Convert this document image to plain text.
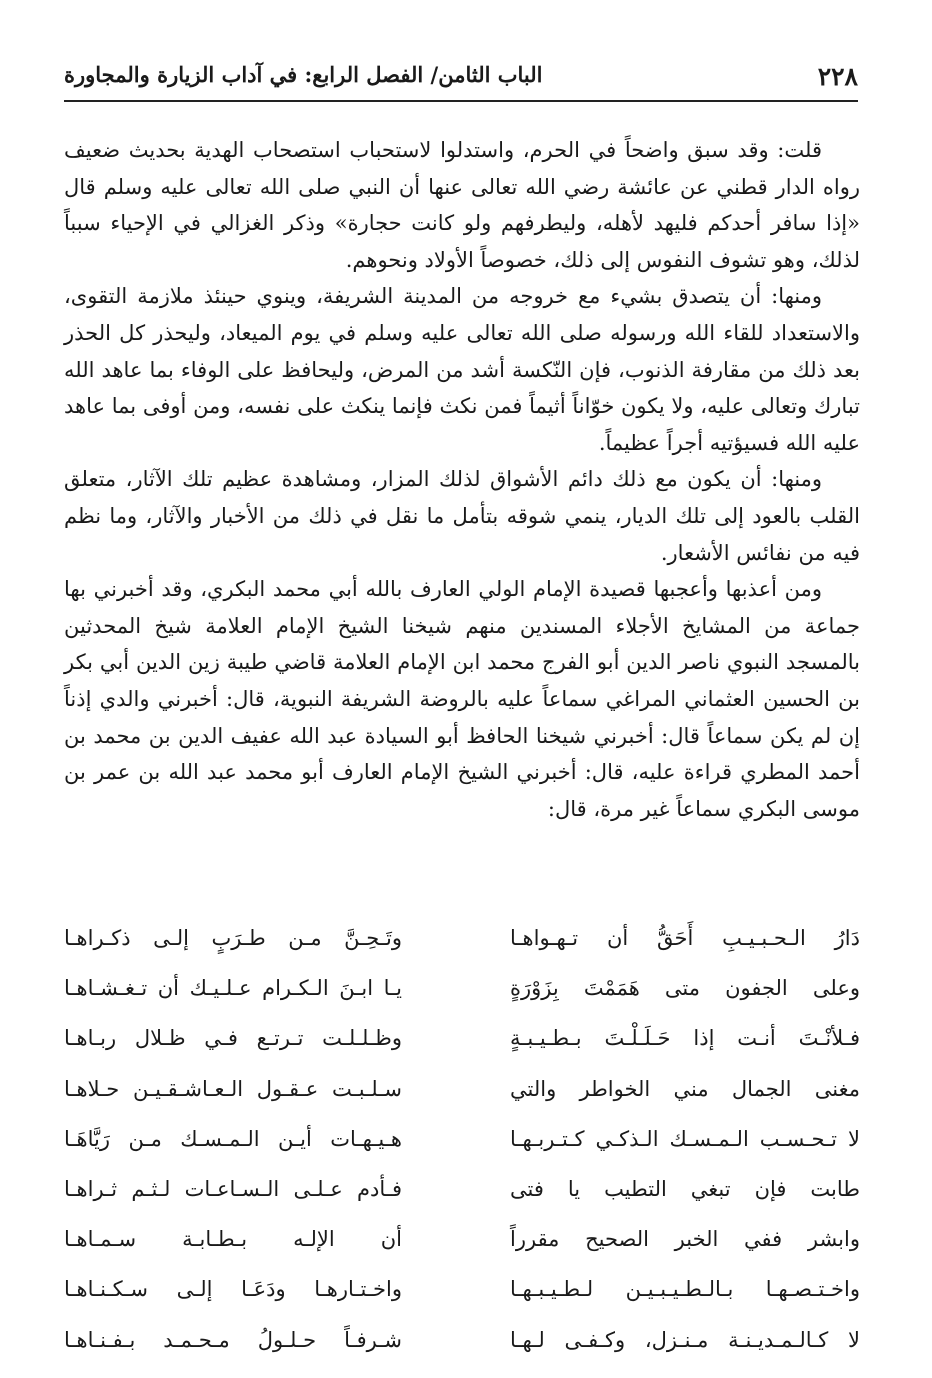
٢٢٨
الباب الثامن/ الفصل الرابع: في آداب الزيارة والمجاورة

قلت: وقد سبق واضحاً في الحرم، واستدلوا لاستحباب استصحاب الهدية بحديث ضعيف رواه الدار قطني عن عائشة رضي الله تعالى عنها أن النبي صلى الله تعالى عليه وسلم قال «إذا سافر أحدكم فليهد لأهله، وليطرفهم ولو كانت حجارة» وذكر الغزالي في الإحياء سبباً لذلك، وهو تشوف النفوس إلى ذلك، خصوصاً الأولاد ونحوهم.

ومنها: أن يتصدق بشيء مع خروجه من المدينة الشريفة، وينوي حينئذ ملازمة التقوى، والاستعداد للقاء الله ورسوله صلى الله تعالى عليه وسلم في يوم الميعاد، وليحذر كل الحذر بعد ذلك من مقارفة الذنوب، فإن النّكسة أشد من المرض، وليحافظ على الوفاء بما عاهد الله تبارك وتعالى عليه، ولا يكون خوّاناً أثيماً فمن نكث فإنما ينكث على نفسه، ومن أوفى بما عاهد عليه الله فسيؤتيه أجراً عظيماً.

ومنها: أن يكون مع ذلك دائم الأشواق لذلك المزار، ومشاهدة عظيم تلك الآثار، متعلق القلب بالعود إلى تلك الديار، ينمي شوقه بتأمل ما نقل في ذلك من الأخبار والآثار، وما نظم فيه من نفائس الأشعار.

ومن أعذبها وأعجبها قصيدة الإمام الولي العارف بالله أبي محمد البكري، وقد أخبرني بها جماعة من المشايخ الأجلاء المسندين منهم شيخنا الشيخ الإمام العلامة شيخ المحدثين بالمسجد النبوي ناصر الدين أبو الفرج محمد ابن الإمام العلامة قاضي طيبة زين الدين أبي بكر بن الحسين العثماني المراغي سماعاً عليه بالروضة الشريفة النبوية، قال: أخبرني والدي إذناً إن لم يكن سماعاً قال: أخبرني شيخنا الحافظ أبو السيادة عبد الله عفيف الدين بن محمد بن أحمد المطري قراءة عليه، قال: أخبرني الشيخ الإمام العارف أبو محمد عبد الله بن عمر بن موسى البكري سماعاً غير مرة، قال:

دَارُ الـحـبـيـبِ أَحَقُّ أن تـهـواهـا
وتَـحِـنَّ مـن طـرَبٍ إلـى ذكـراهـا
وعلى الجفون متى هَمَمْتَ بِزَوْرَةٍ
يـا ابـنَ الـكـرام عـلـيـك أن تـغـشـاهـا
فـلأنْـتَ أنـت إذا حَـلَـلْـتَ بـطـيـبـةٍ
وظـلـلـت تـرتـع فـي ظـلال ربـاهـا
مغنى الجمال مني الخواطر والتي
سـلـبـت عـقـول الـعـاشـقـيـن حـلاهـا
لا تـحـسـب الـمـسـك الـذكـي كـتـربـهـا
هـيـهـات أيـن الـمـسـك مـن رَيَّاهَـا
طابت فإن تبغي التطيب يا فتى
فـأدم عـلـى الـسـاعـات لـثـم ثـراهـا
وابشر ففي الخبر الصحيح مقرراً
أن الإلـه بـطـابـة سـمـاهـا
واخـتـصـهـا بـالـطـيـبـيـن لـطـيـبـهـا
واخـتـارهـا ودَعَـا إلـى سـكـنـاهـا
لا كـالـمـديـنـة مـنـزل، وكـفـى لـهـا
شـرفـاً حـلـولُ مـحـمـد بـفـنـاهـا
